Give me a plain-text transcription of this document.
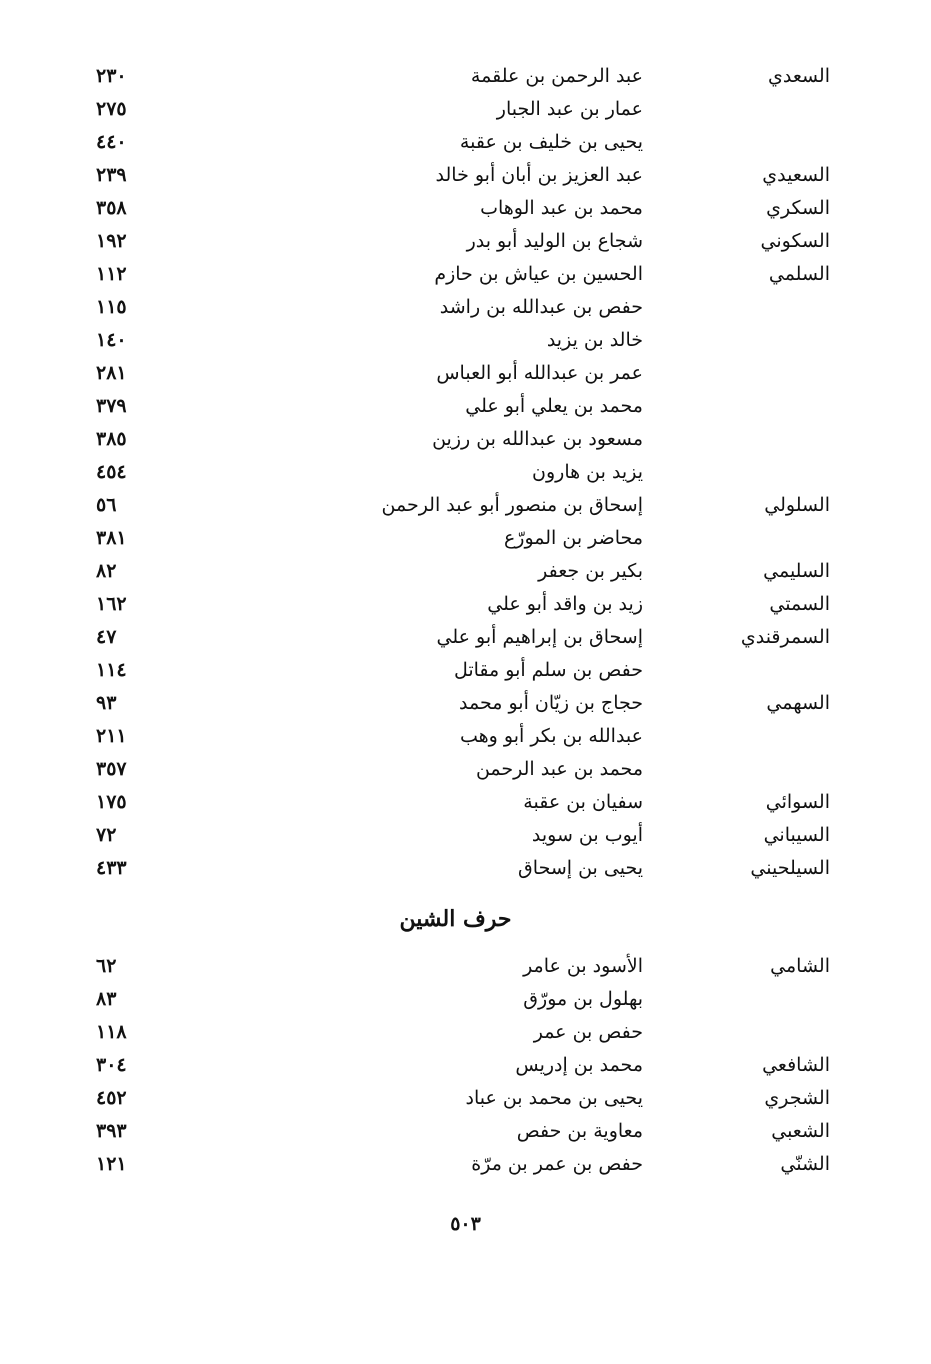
السعدي
عبد الرحمن بن علقمة
٢٣٠
عمار بن عبد الجبار
٢٧٥
يحيى بن خليف بن عقبة
٤٤٠
السعيدي
عبد العزيز بن أبان أبو خالد
٢٣٩
السكري
محمد بن عبد الوهاب
٣٥٨
السكوني
شجاع بن الوليد أبو بدر
١٩٢
السلمي
الحسين بن عياش بن حازم
١١٢
حفص بن عبدالله بن راشد
١١٥
خالد بن يزيد
١٤٠
عمر بن عبدالله أبو العباس
٢٨١
محمد بن يعلي أبو علي
٣٧٩
مسعود بن عبدالله بن رزين
٣٨٥
يزيد بن هارون
٤٥٤
السلولي
إسحاق بن منصور أبو عبد الرحمن
٥٦
محاضر بن المورّع
٣٨١
السليمي
بكير بن جعفر
٨٢
السمتي
زيد بن واقد أبو علي
١٦٢
السمرقندي
إسحاق بن إبراهيم أبو علي
٤٧
حفص بن سلم أبو مقاتل
١١٤
السهمي
حجاج بن زيّان أبو محمد
٩٣
عبدالله بن بكر أبو وهب
٢١١
محمد بن عبد الرحمن
٣٥٧
السوائي
سفيان بن عقبة
١٧٥
السيباني
أيوب بن سويد
٧٢
السيلحيني
يحيى بن إسحاق
٤٣٣
حرف الشين
الشامي
الأسود بن عامر
٦٢
بهلول بن مورّق
٨٣
حفص بن عمر
١١٨
الشافعي
محمد بن إدريس
٣٠٤
الشجري
يحيى بن محمد بن عباد
٤٥٢
الشعبي
معاوية بن حفص
٣٩٣
الشنّي
حفص بن عمر بن مرّة
١٢١
٥٠٣
